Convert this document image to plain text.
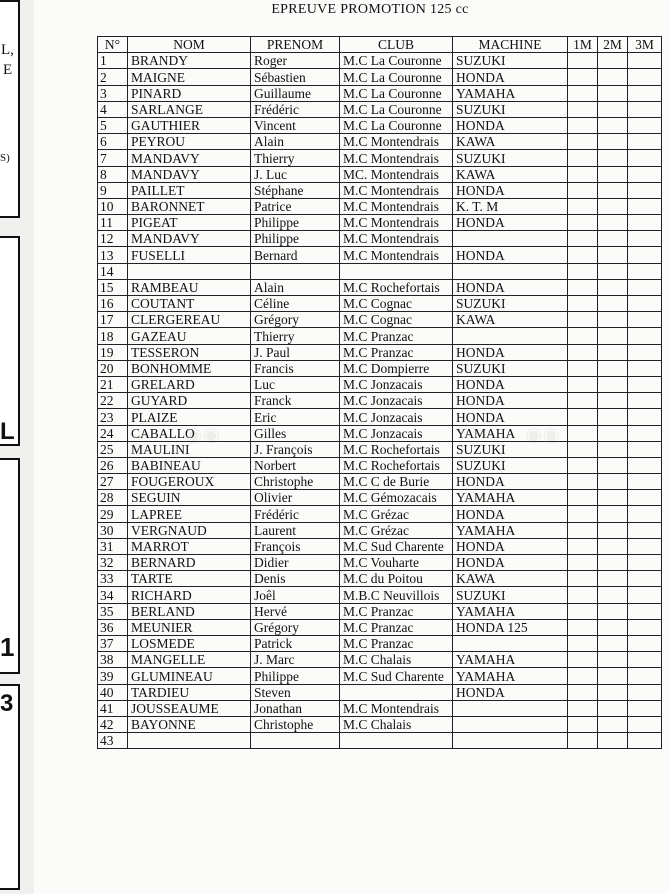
L,
E
S)
L
1
3
◉◉	◉◉
EPREUVE PROMOTION 125 cc
N°	NOM	PRENOM	CLUB	MACHINE	1M	2M	3M
1	BRANDY	Roger	M.C La Couronne	SUZUKI			
2	MAIGNE	Sébastien	M.C La Couronne	HONDA			
3	PINARD	Guillaume	M.C La Couronne	YAMAHA			
4	SARLANGE	Frédéric	M.C La Couronne	SUZUKI			
5	GAUTHIER	Vincent	M.C La Couronne	HONDA			
6	PEYROU	Alain	M.C Montendrais	KAWA			
7	MANDAVY	Thierry	M.C Montendrais	SUZUKI			
8	MANDAVY	J. Luc	MC. Montendrais	KAWA			
9	PAILLET	Stéphane	M.C Montendrais	HONDA			
10	BARONNET	Patrice	M.C Montendrais	K. T. M			
11	PIGEAT	Philippe	M.C Montendrais	HONDA			
12	MANDAVY	Philippe	M.C Montendrais				
13	FUSELLI	Bernard	M.C Montendrais	HONDA			
14							
15	RAMBEAU	Alain	M.C Rochefortais	HONDA			
16	COUTANT	Céline	M.C Cognac	SUZUKI			
17	CLERGEREAU	Grégory	M.C Cognac	KAWA			
18	GAZEAU	Thierry	M.C Pranzac				
19	TESSERON	J. Paul	M.C Pranzac	HONDA			
20	BONHOMME	Francis	M.C Dompierre	SUZUKI			
21	GRELARD	Luc	M.C Jonzacais	HONDA			
22	GUYARD	Franck	M.C Jonzacais	HONDA			
23	PLAIZE	Eric	M.C Jonzacais	HONDA			
24	CABALLO	Gilles	M.C Jonzacais	YAMAHA			
25	MAULINI	J. François	M.C Rochefortais	SUZUKI			
26	BABINEAU	Norbert	M.C Rochefortais	SUZUKI			
27	FOUGEROUX	Christophe	M.C C de Burie	HONDA			
28	SEGUIN	Olivier	M.C Gémozacais	YAMAHA			
29	LAPREE	Frédéric	M.C Grézac	HONDA			
30	VERGNAUD	Laurent	M.C Grézac	YAMAHA			
31	MARROT	François	M.C Sud Charente	HONDA			
32	BERNARD	Didier	M.C Vouharte	HONDA			
33	TARTE	Denis	M.C du Poitou	KAWA			
34	RICHARD	Joêl	M.B.C Neuvillois	SUZUKI			
35	BERLAND	Hervé	M.C Pranzac	YAMAHA			
36	MEUNIER	Grégory	M.C Pranzac	HONDA 125			
37	LOSMEDE	Patrick	M.C Pranzac				
38	MANGELLE	J. Marc	M.C Chalais	YAMAHA			
39	GLUMINEAU	Philippe	M.C Sud Charente	YAMAHA			
40	TARDIEU	Steven		HONDA			
41	JOUSSEAUME	Jonathan	M.C Montendrais				
42	BAYONNE	Christophe	M.C Chalais				
43							
